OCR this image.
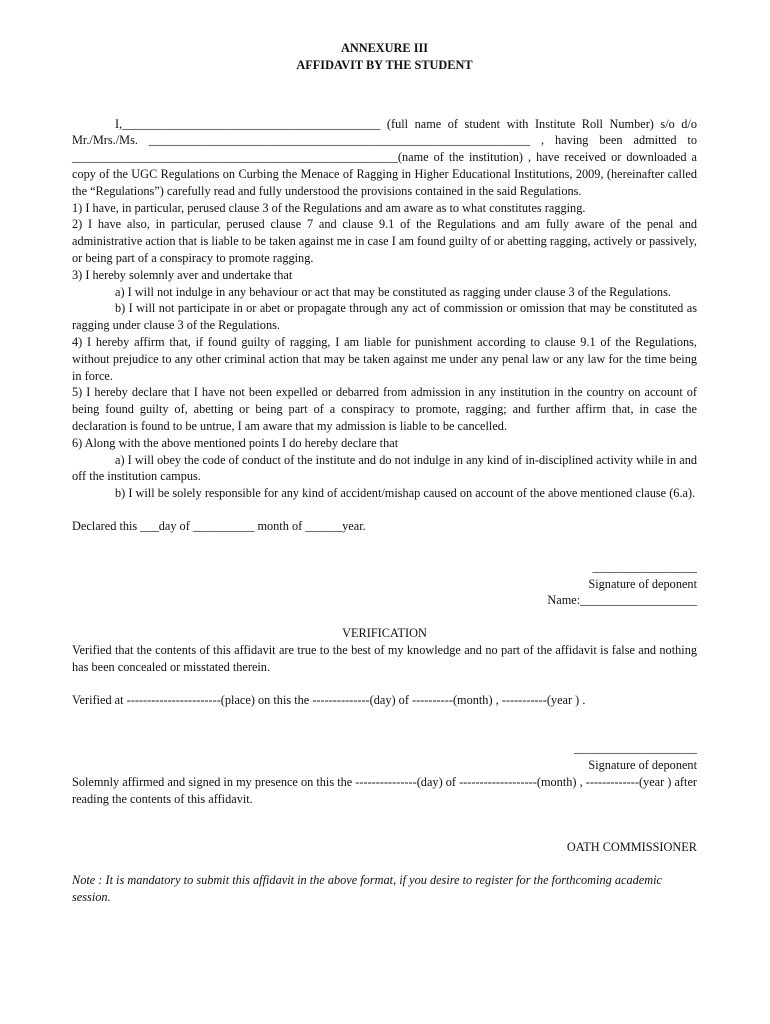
ANNEXURE III

AFFIDAVIT BY THE STUDENT

I,__________________________________________ (full name of student with Institute Roll Number) s/o d/o Mr./Mrs./Ms. ______________________________________________________________ , having been admitted to _____________________________________________________(name of the institution) , have received or downloaded a copy of the UGC Regulations on Curbing the Menace of Ragging in Higher Educational Institutions, 2009, (hereinafter called the “Regulations”) carefully read and fully understood the provisions contained in the said Regulations.

1) I have, in particular, perused clause 3 of the Regulations and am aware as to what constitutes ragging.

2) I have also, in particular, perused clause 7 and clause 9.1 of the Regulations and am fully aware of the penal and administrative action that is liable to be taken against me in case I am found guilty of or abetting ragging, actively or passively, or being part of a conspiracy to promote ragging.

3) I hereby solemnly aver and undertake that

a) I will not indulge in any behaviour or act that may be constituted as ragging under clause 3 of the Regulations.

b) I will not participate in or abet or propagate through any act of commission or omission that may be constituted as ragging under clause 3 of the Regulations.

4) I hereby affirm that, if found guilty of ragging, I am liable for punishment according to clause 9.1 of the Regulations, without prejudice to any other criminal action that may be taken against me under any penal law or any law for the time being in force.

5) I hereby declare that I have not been expelled or debarred from admission in any institution in the country on account of being found guilty of, abetting or being part of a conspiracy to promote, ragging; and further affirm that, in case the declaration is found to be untrue, I am aware that my admission is liable to be cancelled.

6) Along with the above mentioned points I do hereby declare that

a) I will obey the code of conduct of the institute and do not indulge in any kind of in-disciplined activity while in and off the institution campus.

b) I will be solely responsible for any kind of accident/mishap caused on account of the above mentioned clause (6.a).

Declared this ___day of __________ month of ______year.

_________________

Signature of deponent

Name:___________________

VERIFICATION

Verified that the contents of this affidavit are true to the best of my knowledge and no part of the affidavit is false and nothing has been concealed or misstated therein.

Verified at -----------------------(place) on this the --------------(day) of ----------(month) , -----------(year ) .

____________________

Signature of deponent

Solemnly affirmed and signed in my presence on this the ---------------(day) of -------------------(month) , -------------(year ) after reading the contents of this affidavit.

OATH COMMISSIONER

Note : It is mandatory to submit this affidavit in the above format, if you desire to register for the forthcoming academic session.
